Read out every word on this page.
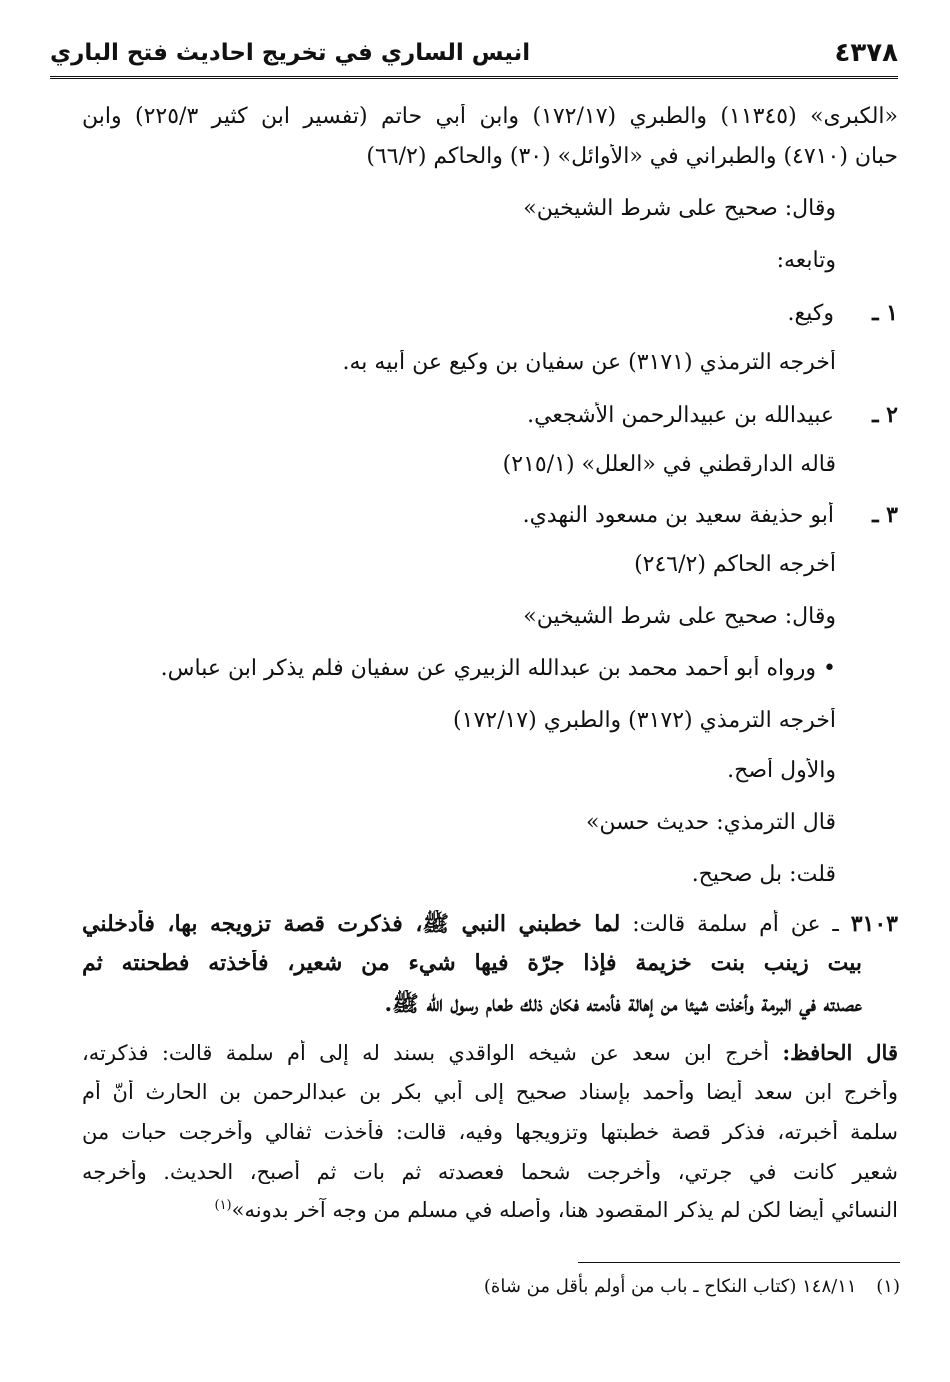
٤٣٧٨
انيس الساري في تخريج احاديث فتح الباري
«الكبرى» (١١٣٤٥) والطبري (١٧٢/١٧) وابن أبي حاتم (تفسير ابن كثير ٢٢٥/٣) وابن
حبان (٤٧١٠) والطبراني في «الأوائل» (٣٠) والحاكم (٦٦/٢)
وقال: صحيح على شرط الشيخين»
وتابعه:
١ ـوكيع.
أخرجه الترمذي (٣١٧١) عن سفيان بن وكيع عن أبيه به.
٢ ـعبيدالله بن عبيدالرحمن الأشجعي.
قاله الدارقطني في «العلل» (٢١٥/١)
٣ ـأبو حذيفة سعيد بن مسعود النهدي.
أخرجه الحاكم (٢٤٦/٢)
وقال: صحيح على شرط الشيخين»
• ورواه أبو أحمد محمد بن عبدالله الزبيري عن سفيان فلم يذكر ابن عباس.
أخرجه الترمذي (٣١٧٢) والطبري (١٧٢/١٧)
والأول أصح.
قال الترمذي: حديث حسن»
قلت: بل صحيح.
٣١٠٣ ـ عن أم سلمة قالت: لما خطبني النبي ﷺ، فذكرت قصة تزويجه بها، فأدخلني
بيت زينب بنت خزيمة فإذا جرّة فيها شيء من شعير، فأخذته فطحنته ثم
عصدته في البرمة وأخذت شيئا من إهالة فأدمته فكان ذلك طعام رسول الله ﷺ.
قال الحافظ: أخرج ابن سعد عن شيخه الواقدي بسند له إلى أم سلمة قالت: فذكرته،
وأخرج ابن سعد أيضا وأحمد بإسناد صحيح إلى أبي بكر بن عبدالرحمن بن الحارث أنّ أم
سلمة أخبرته، فذكر قصة خطبتها وتزويجها وفيه، قالت: فأخذت ثفالي وأخرجت حبات من
شعير كانت في جرتي، وأخرجت شحما فعصدته ثم بات ثم أصبح، الحديث. وأخرجه
النسائي أيضا لكن لم يذكر المقصود هنا، وأصله في مسلم من وجه آخر بدونه»$^{(١)}$
(١) ١٤٨/١١ (كتاب النكاح ـ باب من أولم بأقل من شاة)
